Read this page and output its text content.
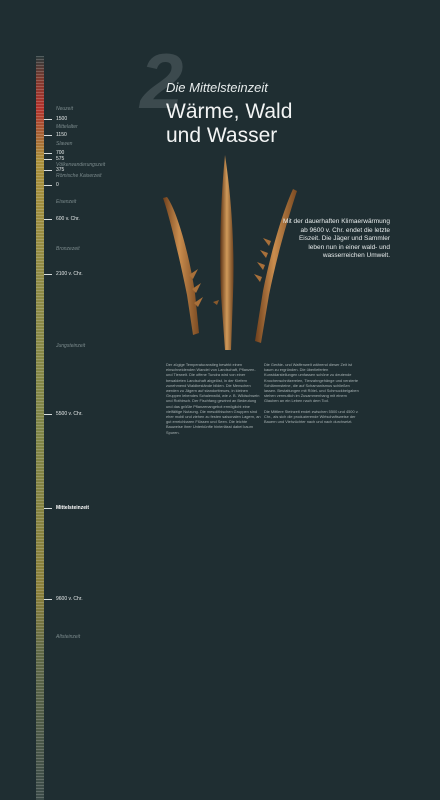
2
Die Mittelsteinzeit
Wärme, Wald
und Wasser
Neuzeit
1500
Mittelalter
1150
Slawen
700
575
Völkerwanderungszeit
375
Römische Kaiserzeit
0
Eisenzeit
600 v. Chr.
Bronzezeit
2100 v. Chr.
Jungsteinzeit
5500 v. Chr.
Mittelsteinzeit
9600 v. Chr.
Altsteinzeit
Mit der dauerhaften Klimaerwärmung ab 9600 v. Chr. endet die letzte Eiszeit. Die Jäger und Sammler leben nun in einer wald- und wasserreichen Umwelt.

Der zügige Temperaturanstieg bewirkt einen einschneidenden Wandel von Landschaft, Pflanzen- und Tierwelt. Die offene Tundra wird von einer bewaldeten Landschaft abgelöst, in der Kiefern zunehmend Waldbestände bilden. Die Menschen werden zu Jägern auf standorttreues, in kleinen Gruppen lebendes Schalenwild, wie z. B. Wildschwein und Rothirsch. Der Fischfang gewinnt an Bedeutung und das größte Pflanzenangebot ermöglicht eine vielfältige Nutzung. Die mesolithischen Gruppen sind eher mobil und ziehen zu festen saisonalen Lagern, an gut erreichbaren Flüssen und Seen. Die leichte Bauweise ihrer Unterkünfte hinterlässt dabei kaum Spuren.

Die Geräte- und Waffenwelt während dieser Zeit ist kaum zu ergründen. Die überlieferten Kunstdarstellungen umfassen schöne zu deutende Knochenschnitzereien, Tierzahngehänge und verzierte Schlämmsteine, die auf Schamanismus schließen lassen. Bestattungen mit Rötel- und Schmuckbeigaben stehen vermutlich im Zusammenhang mit einem Glauben an ein Leben nach dem Tod.

Die Mittlere Steinzeit endet zwischen 5500 und 4500 v. Chr., als sich die produzierende Wirtschaftsweise der Bauern und Viehzüchter nach und nach durchsetzt.
